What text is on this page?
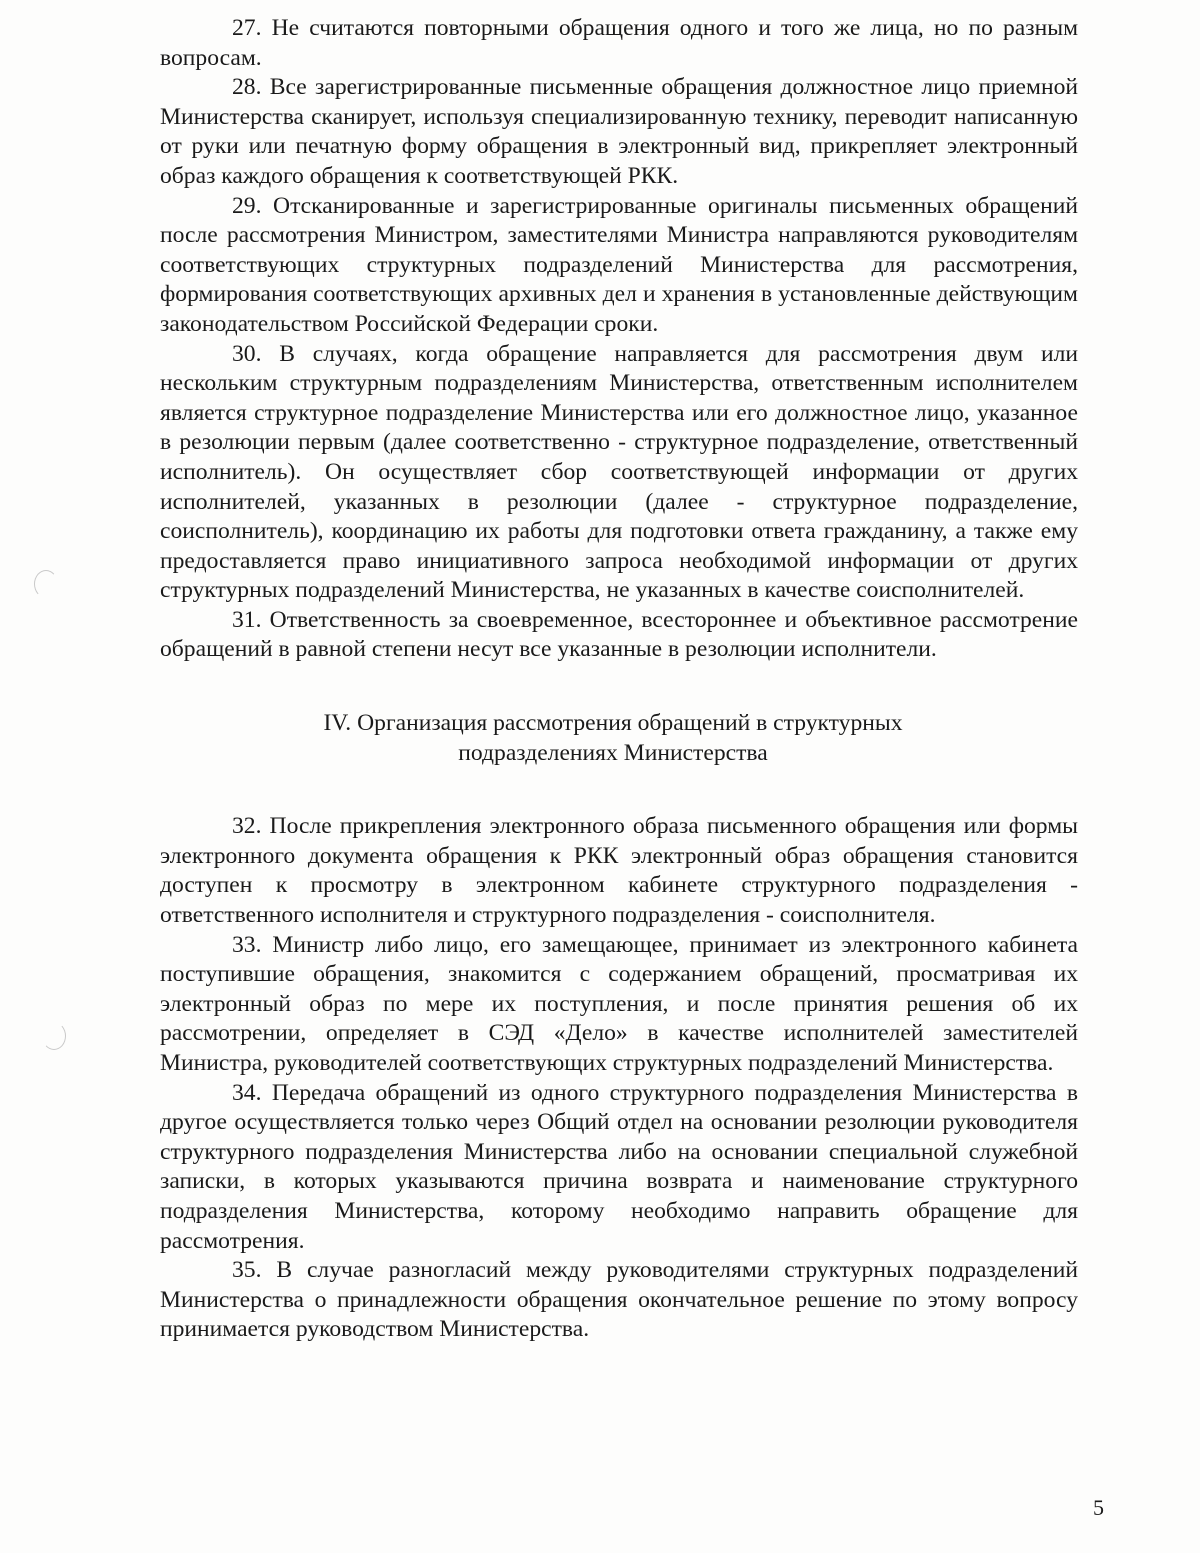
27. Не считаются повторными обращения одного и того же лица, но по разным вопросам.

28. Все зарегистрированные письменные обращения должностное лицо приемной Министерства сканирует, используя специализированную технику, переводит написанную от руки или печатную форму обращения в электронный вид, прикрепляет электронный образ каждого обращения к соответствующей РКК.

29. Отсканированные и зарегистрированные оригиналы письменных обращений после рассмотрения Министром, заместителями Министра направляются руководителям соответствующих структурных подразделений Министерства для рассмотрения, формирования соответствующих архивных дел и хранения в установленные действующим законодательством Российской Федерации сроки.

30. В случаях, когда обращение направляется для рассмотрения двум или нескольким структурным подразделениям Министерства, ответственным исполнителем является структурное подразделение Министерства или его должностное лицо, указанное в резолюции первым (далее соответственно - структурное подразделение, ответственный исполнитель). Он осуществляет сбор соответствующей информации от других исполнителей, указанных в резолюции (далее - структурное подразделение, соисполнитель), координацию их работы для подготовки ответа гражданину, а также ему предоставляется право инициативного запроса необходимой информации от других структурных подразделений Министерства, не указанных в качестве соисполнителей.

31. Ответственность за своевременное, всестороннее и объективное рассмотрение обращений в равной степени несут все указанные в резолюции исполнители.

IV. Организация рассмотрения обращений в структурных
подразделениях Министерства

32. После прикрепления электронного образа письменного обращения или формы электронного документа обращения к РКК электронный образ обращения становится доступен к просмотру в электронном кабинете структурного подразделения - ответственного исполнителя и структурного подразделения - соисполнителя.

33. Министр либо лицо, его замещающее, принимает из электронного кабинета поступившие обращения, знакомится с содержанием обращений, просматривая их электронный образ по мере их поступления, и после принятия решения об их рассмотрении, определяет в СЭД «Дело» в качестве исполнителей заместителей Министра, руководителей соответствующих структурных подразделений Министерства.

34. Передача обращений из одного структурного подразделения Министерства в другое осуществляется только через Общий отдел на основании резолюции руководителя структурного подразделения Министерства либо на основании специальной служебной записки, в которых указываются причина возврата и наименование структурного подразделения Министерства, которому необходимо направить обращение для рассмотрения.

35. В случае разногласий между руководителями структурных подразделений Министерства о принадлежности обращения окончательное решение по этому вопросу принимается руководством Министерства.

5
